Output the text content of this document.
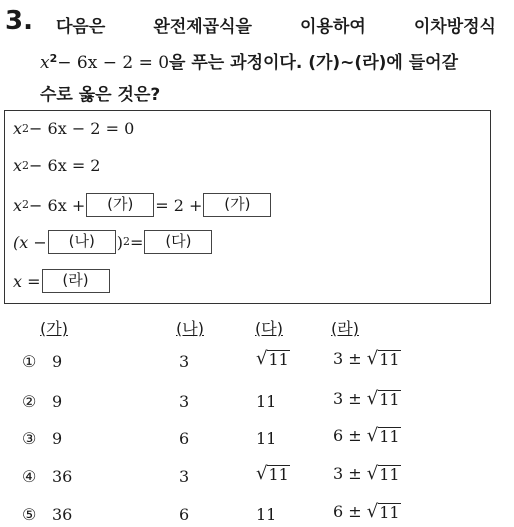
3. 다음은	완전제곱식을	이용하여	이차방정식
$x^2- 6x - 2 = 0$을 푸는 과정이다. (가)~(라)에 들어갈
수로 옳은 것은?
x 2 − 6x − 2 = 0
x 2 − 6x = 2
x 2 − 6x +	(가)	= 2 +	(가)
(x −	(나)	) 2 =	(다)
x =	(라)
(가)	(나)	(다)	(라)
① 9	3	√ 11	3 ± √ 11
② 9	3	11	3 ± √ 11
③ 9	6	11	6 ± √ 11
④ 36	3	√ 11	3 ± √ 11
⑤ 36	6	11	6 ± √ 11
